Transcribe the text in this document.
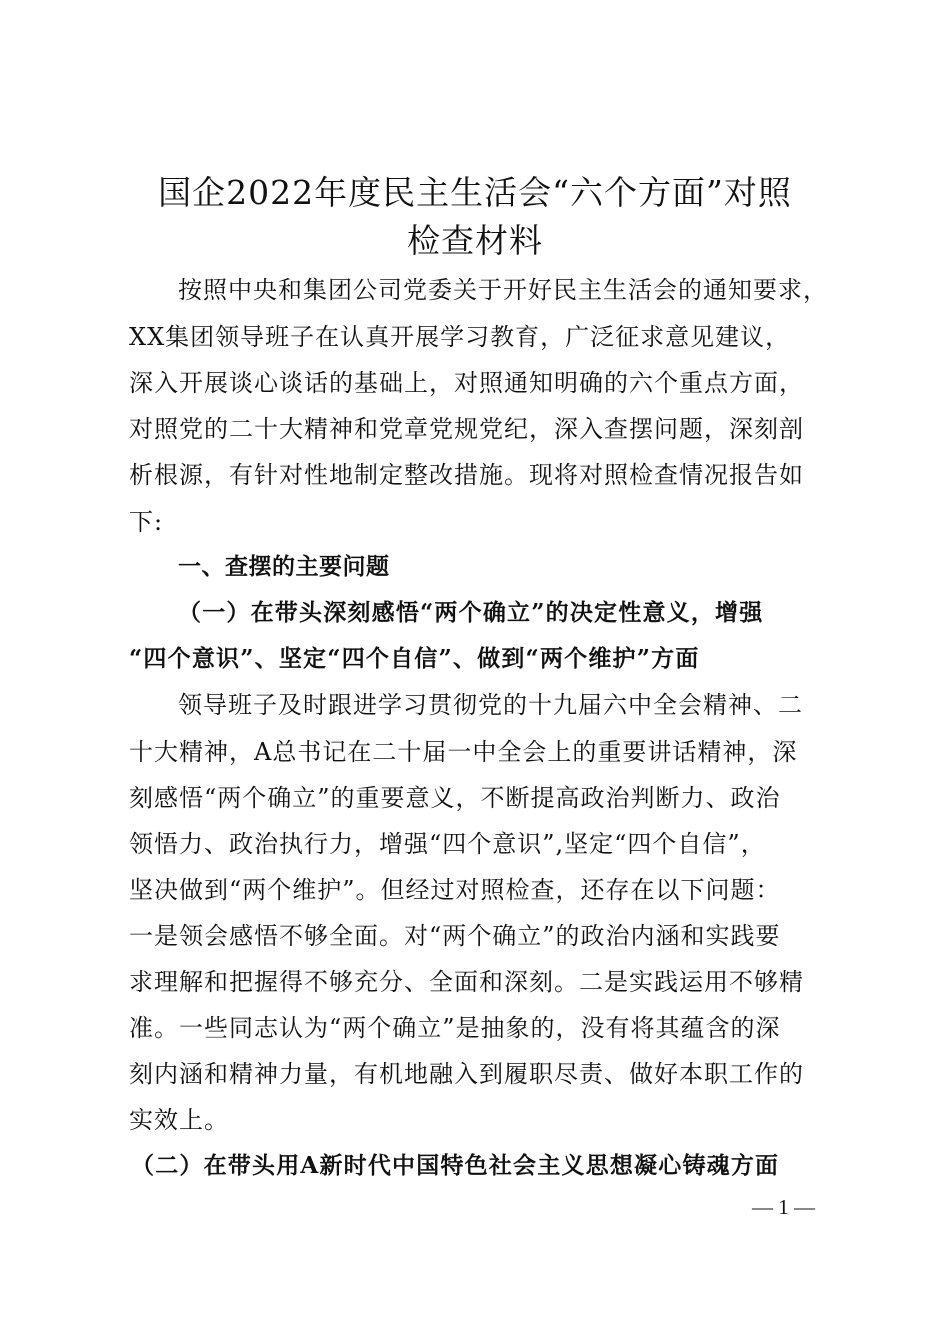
国企2022年度民主生活会“六个方面”对照
检查材料
按照中央和集团公司党委关于开好民主生活会的通知要求，
XX集团领导班子在认真开展学习教育，广泛征求意见建议，
深入开展谈心谈话的基础上，对照通知明确的六个重点方面，
对照党的二十大精神和党章党规党纪，深入查摆问题，深刻剖
析根源，有针对性地制定整改措施。现将对照检查情况报告如
下:
一、查摆的主要问题
（一）在带头深刻感悟“两个确立”的决定性意义，增强
“四个意识”、坚定“四个自信”、做到“两个维护”方面
领导班子及时跟进学习贯彻党的十九届六中全会精神、二
十大精神，A总书记在二十届一中全会上的重要讲话精神，深
刻感悟“两个确立”的重要意义，不断提高政治判断力、政治
领悟力、政治执行力，增强“四个意识”,坚定“四个自信”，
坚决做到“两个维护”。但经过对照检查，还存在以下问题：
一是领会感悟不够全面。对“两个确立”的政治内涵和实践要
求理解和把握得不够充分、全面和深刻。二是实践运用不够精
准。一些同志认为“两个确立”是抽象的，没有将其蕴含的深
刻内涵和精神力量，有机地融入到履职尽责、做好本职工作的
实效上。
（二）在带头用A新时代中国特色社会主义思想凝心铸魂方面
— 1 —
